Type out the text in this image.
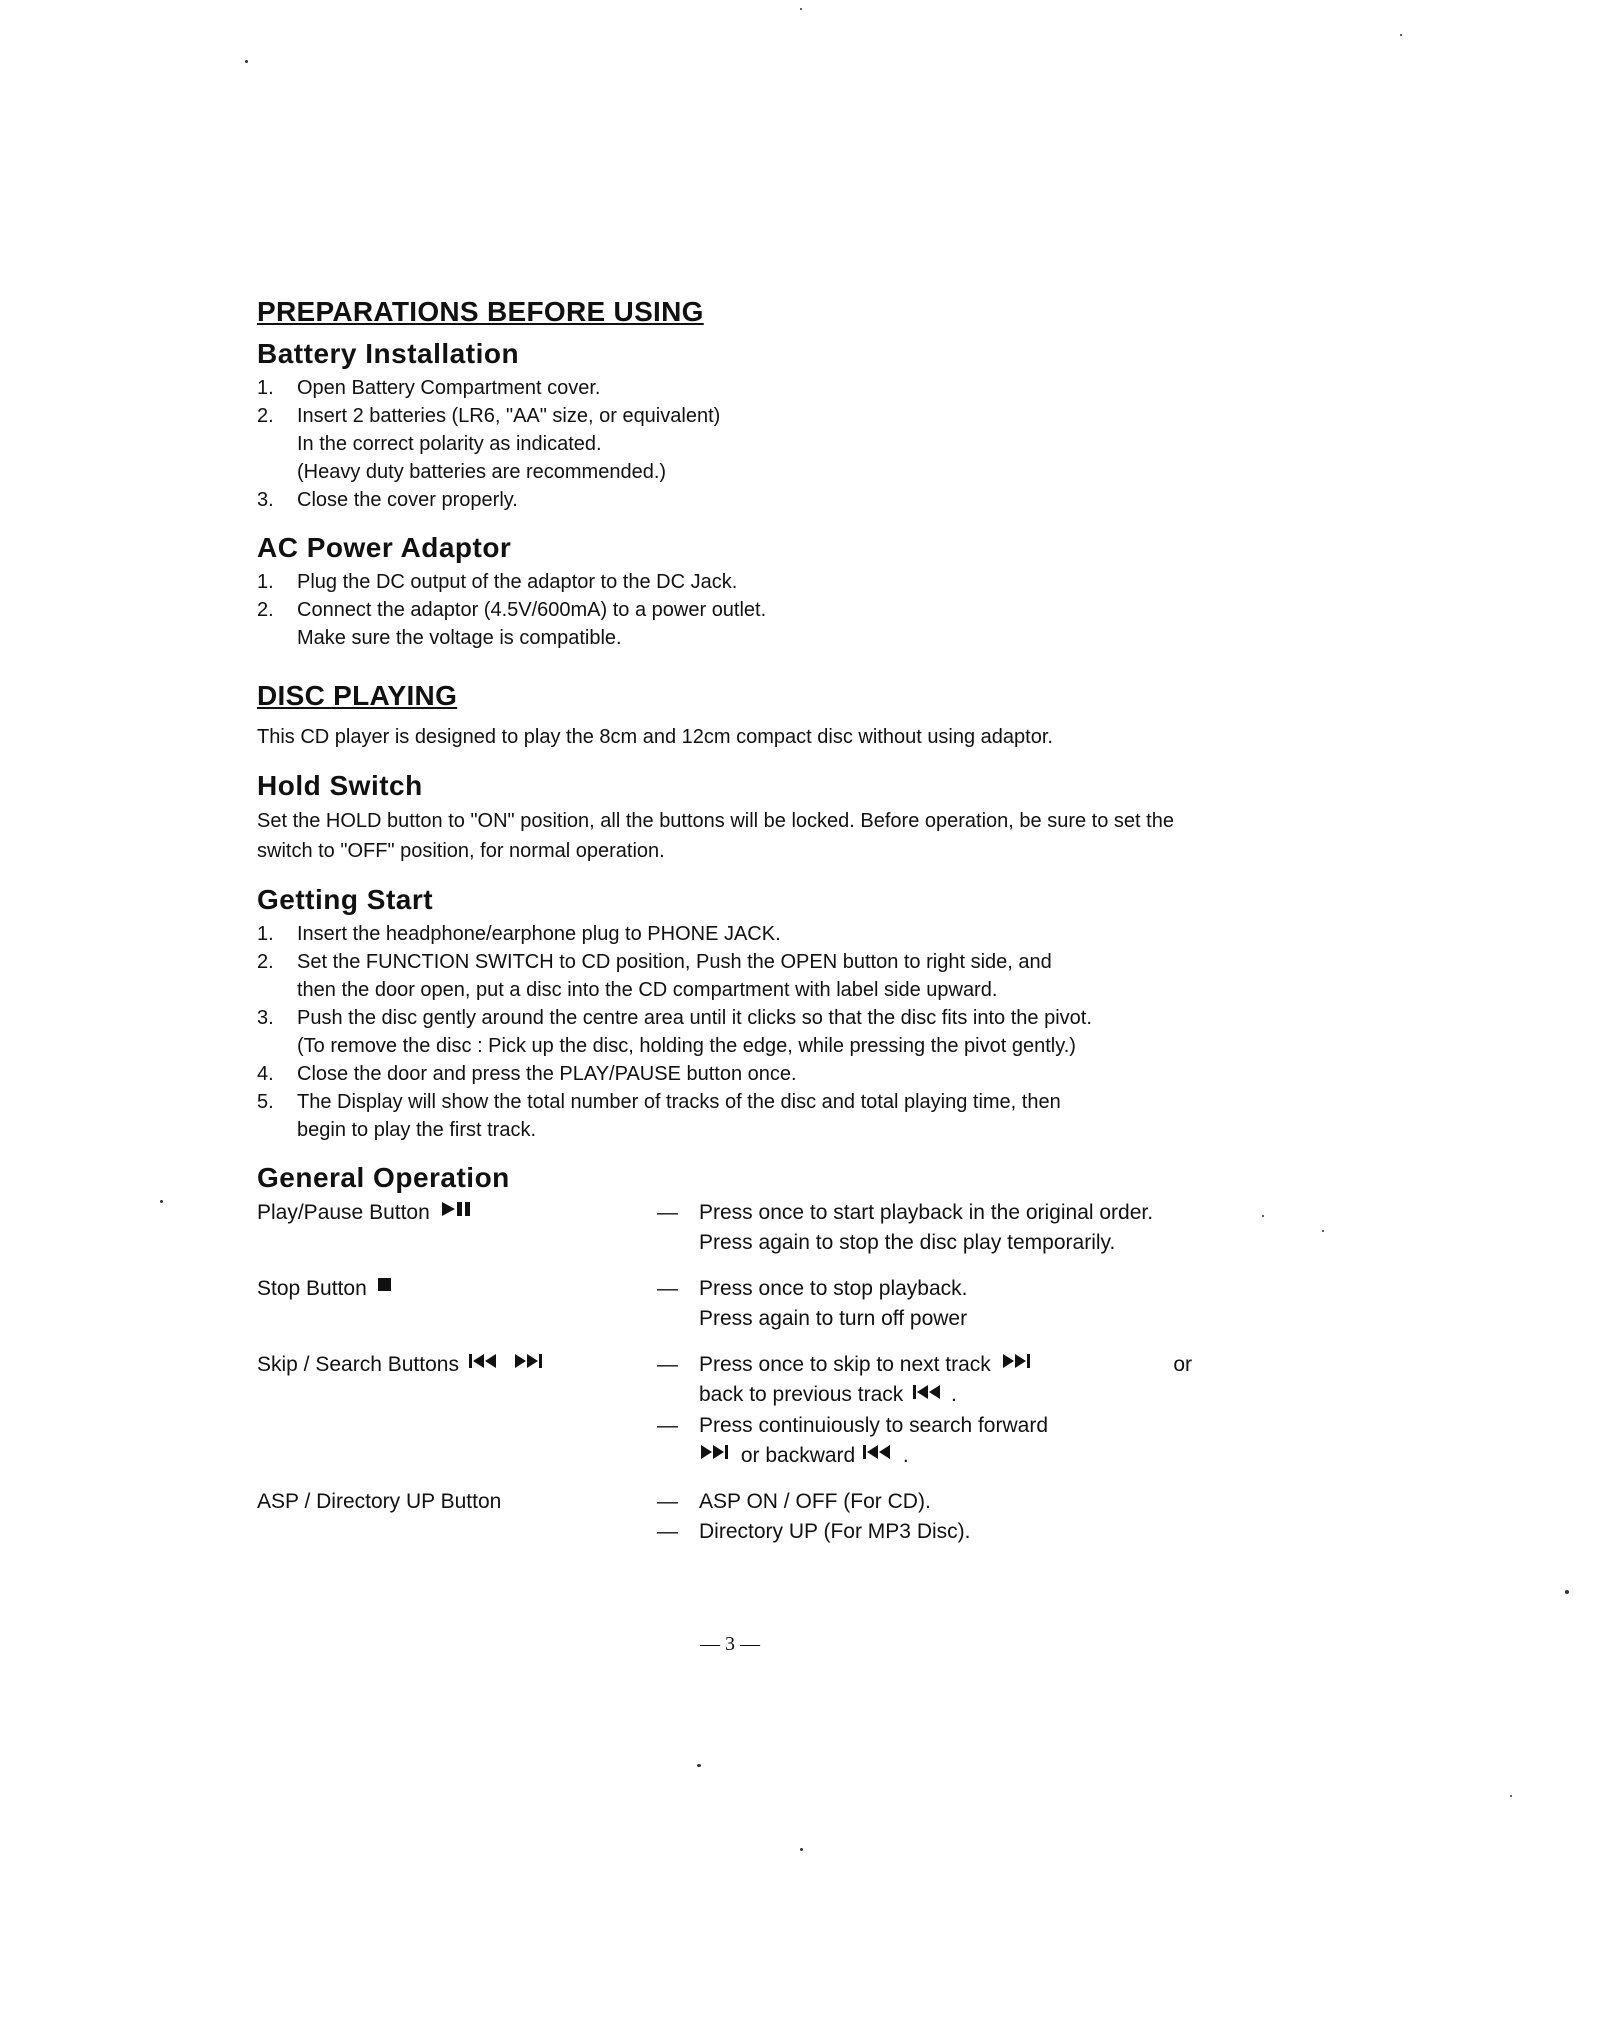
PREPARATIONS BEFORE USING
Battery Installation
1. Open Battery Compartment cover.
2. Insert 2 batteries (LR6, "AA" size, or equivalent)
In the correct polarity as indicated.
(Heavy duty batteries are recommended.)
3. Close the cover properly.
AC Power Adaptor
1. Plug the DC output of the adaptor to the DC Jack.
2. Connect the adaptor (4.5V/600mA) to a power outlet.
Make sure the voltage is compatible.
DISC PLAYING

This CD player is designed to play the 8cm and 12cm compact disc without using adaptor.

Hold Switch

Set the HOLD button to "ON" position, all the buttons will be locked. Before operation, be sure to set the switch to "OFF" position, for normal operation.

Getting Start
1. Insert the headphone/earphone plug to PHONE JACK.
2. Set the FUNCTION SWITCH to CD position, Push the OPEN button to right side, and
then the door open, put a disc into the CD compartment with label side upward.
3. Push the disc gently around the centre area until it clicks so that the disc fits into the pivot.
(To remove the disc : Pick up the disc, holding the edge, while pressing the pivot gently.)
4. Close the door and press the PLAY/PAUSE button once.
5. The Display will show the total number of tracks of the disc and total playing time, then
begin to play the first track.
General Operation
Play/Pause Button	—	Press once to start playback in the original order.
Press again to stop the disc play temporarily.
Stop Button	—	Press once to stop playback.
Press again to turn off power
Skip / Search Buttons	—	Press once to skip to next track	or
back to previous track  .
—	Press continuiously to search forward
or backward  .
ASP / Directory UP Button	—	ASP ON / OFF (For CD).
—	Directory UP (For MP3 Disc).
— 3 —
